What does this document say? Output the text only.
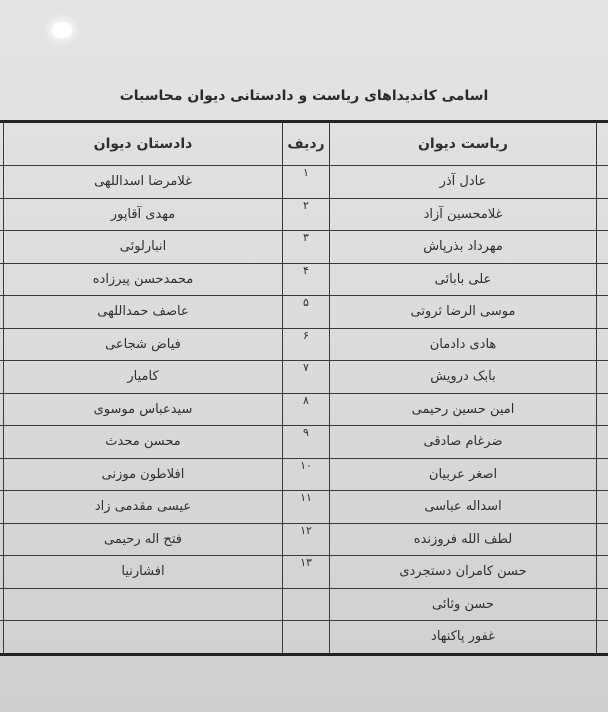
اسامی کاندیداهای ریاست و دادستانی دیوان محاسبات
	ریاست دیوان	ردیف	دادستان دیوان	
	عادل آذر	۱	غلامرضا اسداللهی	
	غلامحسین آزاد	۲	مهدی آقاپور	
	مهرداد بذرپاش	۳	انبارلوئی	
	علی بابائی	۴	محمدحسن پیرزاده	
	موسی الرضا ثروتی	۵	عاصف حمداللهی	
	هادی دادمان	۶	فیاض شجاعی	
	بابک درویش	۷	کامیار	
	امین حسین رحیمی	۸	سیدعباس موسوی	
	ضرغام صادقی	۹	محسن محدث	
	اصغر عربیان	۱۰	افلاطون موزنی	
	اسداله عباسی	۱۱	عیسی مقدمی زاد	
	لطف الله فروزنده	۱۲	فتح اله رحیمی	
	حسن کامران دستجردی	۱۳	افشارنیا	
	حسن وثائی			
	غفور پاکنهاد			
